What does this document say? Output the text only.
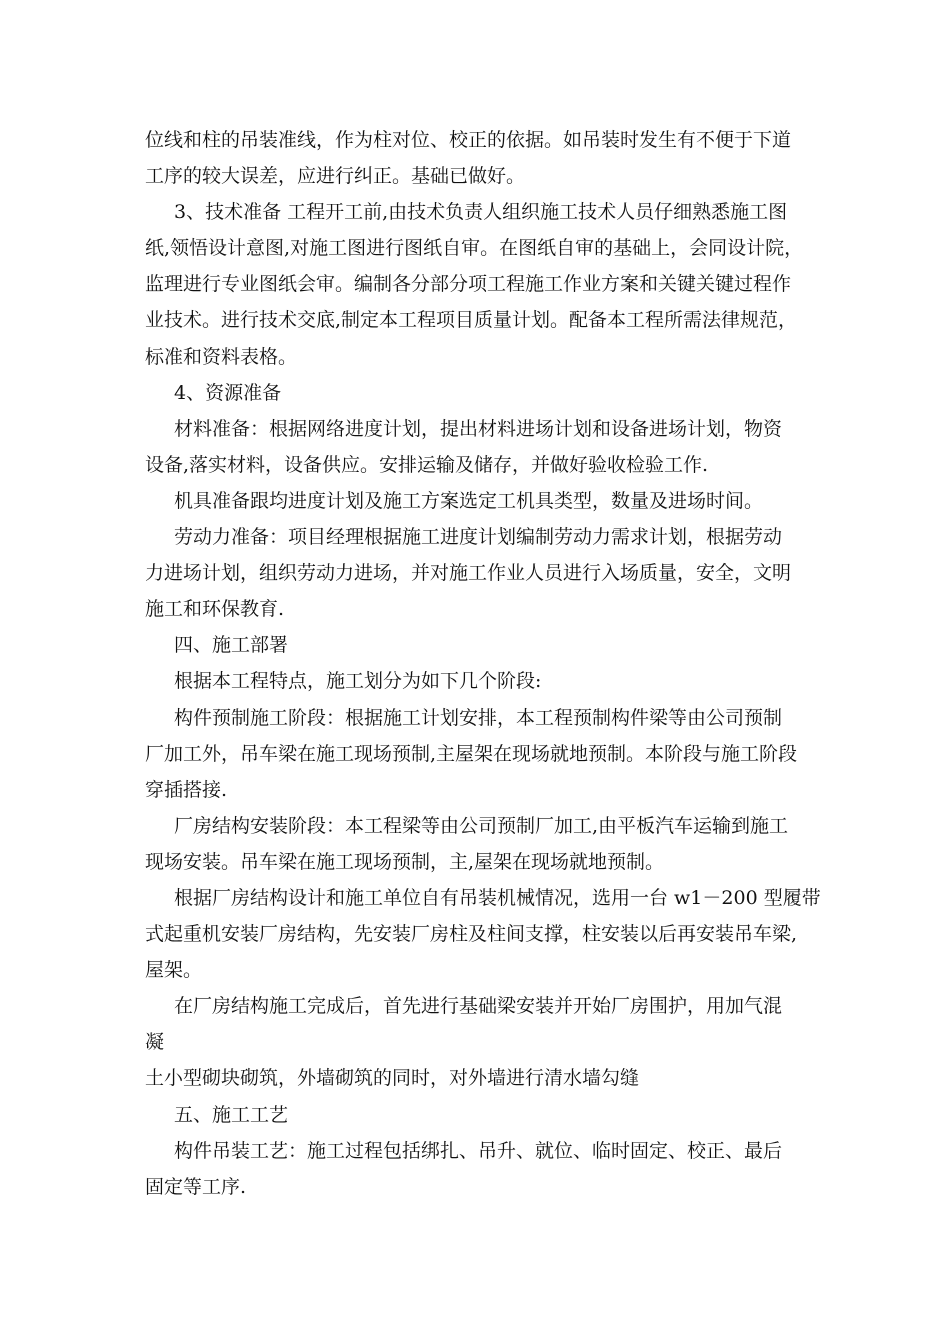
位线和柱的吊装准线，作为柱对位、校正的依据。如吊装时发生有不便于下道
工序的较大误差，应进行纠正。基础已做好。
3、技术准备 工程开工前,由技术负责人组织施工技术人员仔细熟悉施工图
纸,领悟设计意图,对施工图进行图纸自审。在图纸自审的基础上，会同设计院，
监理进行专业图纸会审。编制各分部分项工程施工作业方案和关键关键过程作
业技术。进行技术交底,制定本工程项目质量计划。配备本工程所需法律规范，
标准和资料表格。
4、资源准备
材料准备：根据网络进度计划，提出材料进场计划和设备进场计划，物资
设备,落实材料，设备供应。安排运输及储存，并做好验收检验工作.
机具准备跟均进度计划及施工方案选定工机具类型，数量及进场时间。
劳动力准备：项目经理根据施工进度计划编制劳动力需求计划，根据劳动
力进场计划，组织劳动力进场，并对施工作业人员进行入场质量，安全，文明
施工和环保教育.
四、施工部署
根据本工程特点，施工划分为如下几个阶段:
构件预制施工阶段：根据施工计划安排，本工程预制构件梁等由公司预制
厂加工外，吊车梁在施工现场预制,主屋架在现场就地预制。本阶段与施工阶段
穿插搭接.
厂房结构安装阶段：本工程梁等由公司预制厂加工,由平板汽车运输到施工
现场安装。吊车梁在施工现场预制，主,屋架在现场就地预制。
根据厂房结构设计和施工单位自有吊装机械情况，选用一台 w1－200 型履带
式起重机安装厂房结构，先安装厂房柱及柱间支撑，柱安装以后再安装吊车梁,
屋架。
在厂房结构施工完成后，首先进行基础梁安装并开始厂房围护，用加气混
凝
土小型砌块砌筑，外墙砌筑的同时，对外墙进行清水墙勾缝
五、施工工艺
构件吊装工艺：施工过程包括绑扎、吊升、就位、临时固定、校正、最后
固定等工序.
